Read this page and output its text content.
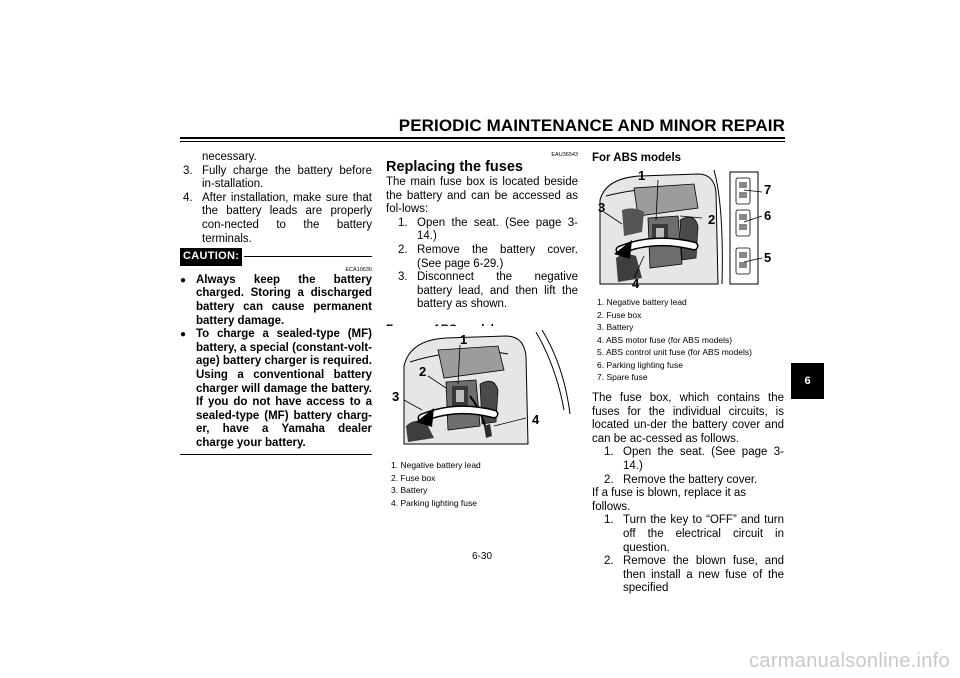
PERIODIC MAINTENANCE AND MINOR REPAIR
necessary.
3. Fully charge the battery before in-stallation.
4. After installation, make sure that the battery leads are properly con-nected to the battery terminals.
CAUTION:
ECA10630
● Always keep the battery charged. Storing a discharged battery can cause permanent battery damage.
● To charge a sealed-type (MF) battery, a special (constant-volt-age) battery charger is required. Using a conventional battery charger will damage the battery. If you do not have access to a sealed-type (MF) battery charg-er, have a Yamaha dealer charge your battery.
EAU36543
Replacing the fuses
The main fuse box is located beside the battery and can be accessed as fol-lows:
1. Open the seat. (See page 3-14.)
2. Remove the battery cover. (See page 6-29.)
3. Disconnect the negative battery lead, and then lift the battery as shown.
1
2
3
4
1. Negative battery lead
2. Fuse box
3. Battery
4. Parking lighting fuse
For ABS models
1
2
3
4
5
6
7
1. Negative battery lead
2. Fuse box
3. Battery
4. ABS motor fuse (for ABS models)
5. ABS control unit fuse (for ABS models)
6. Parking lighting fuse
7. Spare fuse
The fuse box, which contains the fuses for the individual circuits, is located un-der the battery cover and can be ac-cessed as follows.
1. Open the seat. (See page 3-14.)
2. Remove the battery cover.
If a fuse is blown, replace it as follows.
1. Turn the key to “OFF” and turn off the electrical circuit in question.
2. Remove the blown fuse, and then install a new fuse of the specified
6
6-30
carmanualsonline.info
